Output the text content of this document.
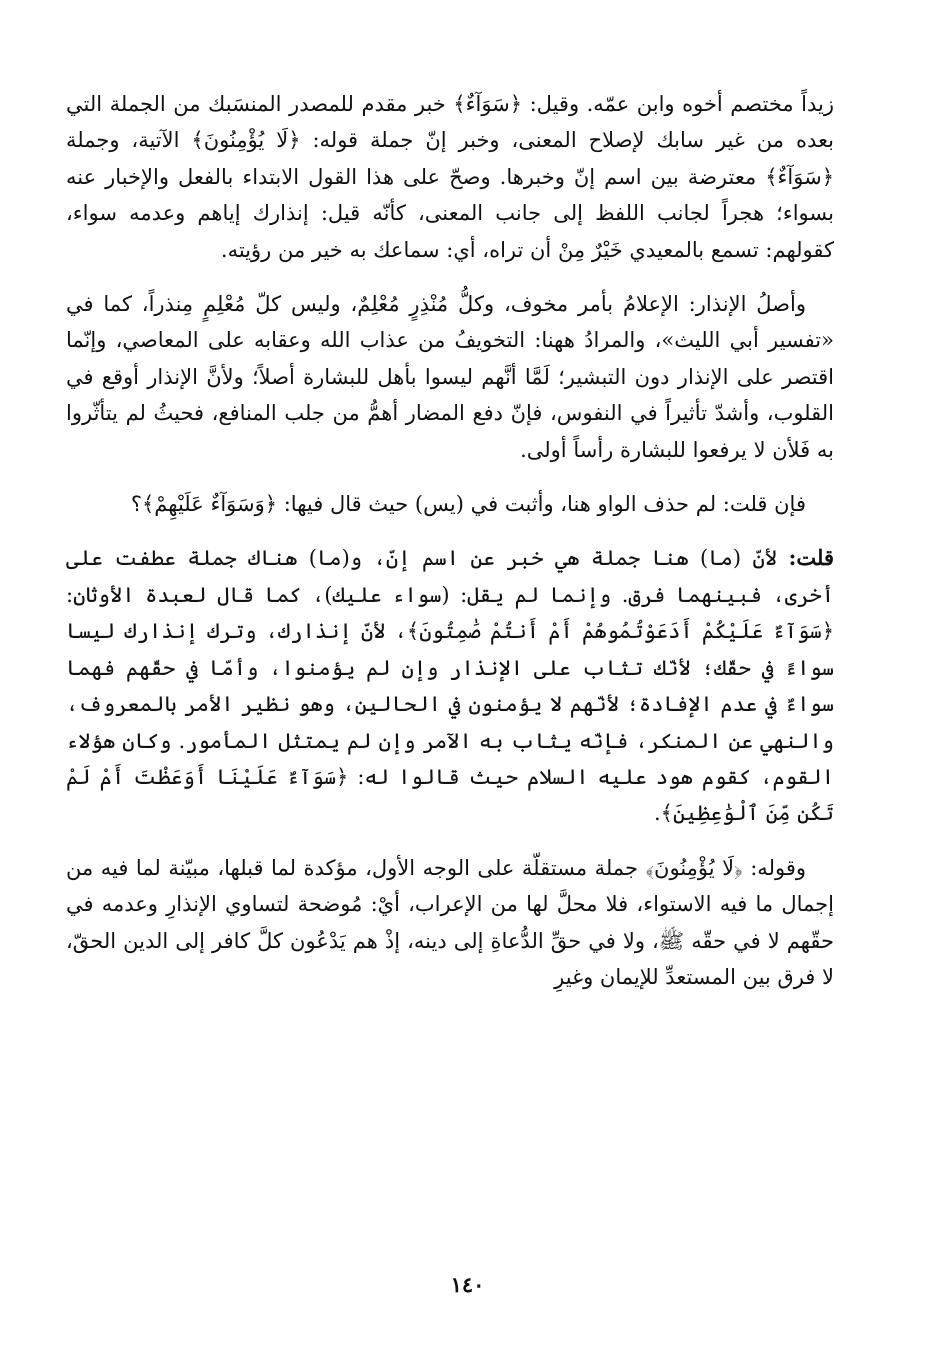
زيداً مختصم أخوه وابن عمّه. وقيل: ﴿سَوَآءٌ﴾ خبر مقدم للمصدر المنسَبك من الجملة التي بعده من غير سابك لإصلاح المعنى، وخبر إنّ جملة قوله: ﴿لَا يُؤْمِنُونَ﴾ الآتية، وجملة ﴿سَوَآءٌ﴾ معترضة بين اسم إنّ وخبرها. وصحّ على هذا القول الابتداء بالفعل والإخبار عنه بسواء؛ هجراً لجانب اللفظ إلى جانب المعنى، كأنّه قيل: إنذارك إياهم وعدمه سواء، كقولهم: تسمع بالمعيدي خَيْرٌ مِنْ أن تراه، أي: سماعك به خير من رؤيته.

وأصلُ الإنذار: الإعلامُ بأمر مخوف، وكلُّ مُنْذِرٍ مُعْلِمٌ، وليس كلّ مُعْلِمٍ مِنذراً، كما في «تفسير أبي الليث»، والمرادُ ههنا: التخويفُ من عذاب الله وعقابه على المعاصي، وإنّما اقتصر على الإنذار دون التبشير؛ لَمَّا أنَّهم ليسوا بأهل للبشارة أصلاً؛ ولأنَّ الإنذار أوقع في القلوب، وأشدّ تأثيراً في النفوس، فإنّ دفع المضار أهمُّ من جلب المنافع، فحيثُ لم يتأثّروا به فَلأن لا يرفعوا للبشارة رأساً أولى.

فإن قلت: لم حذف الواو هنا، وأثبت في (يس) حيث قال فيها: ﴿وَسَوَآءٌ عَلَيْهِمْ﴾؟

قلت: لأنّ (ما) هنا جملة هي خبر عن اسم إنّ، و(ما) هناك جملة عطفت على أخرى، فبينهما فرق. وإنما لم يقل: (سواء عليك)، كما قال لعبدة الأوثان: ﴿سَوَآءٌ عَلَيْكُمْ أَدَعَوْتُمُوهُمْ أَمْ أَنتُمْ صَٰمِتُونَ﴾، لأنّ إنذارك، وترك إنذارك ليسا سواءً في حقّك؛ لأنّك تثاب على الإنذار وإن لم يؤمنوا، وأمّا في حقّهم فهما سواءٌ في عدم الإفادة؛ لأنّهم لا يؤمنون في الحالين، وهو نظير الأمر بالمعروف، والنهي عن المنكر، فإنّه يثاب به الآمر وإن لم يمتثل المأمور. وكان هؤلاء القوم، كقوم هود عليه السلام حيث قالوا له: ﴿سَوَآءٌ عَلَيْنَا أَوَعَظْتَ أَمْ لَمْ تَكُن مِّنَ ٱلْوَٰعِظِينَ﴾.

وقوله: ﴿لَا يُؤْمِنُونَ﴾ جملة مستقلّة على الوجه الأول، مؤكدة لما قبلها، مبيّنة لما فيه من إجمال ما فيه الاستواء، فلا محلَّ لها من الإعراب، أيْ: مُوضحة لتساوي الإنذارِ وعدمه في حقّهم لا في حقّه ﷺ، ولا في حقِّ الدُّعاةِ إلى دينه، إذْ هم يَدْعُون كلَّ كافر إلى الدين الحقّ، لا فرق بين المستعدِّ للإيمان وغيرِ

١٤٠
